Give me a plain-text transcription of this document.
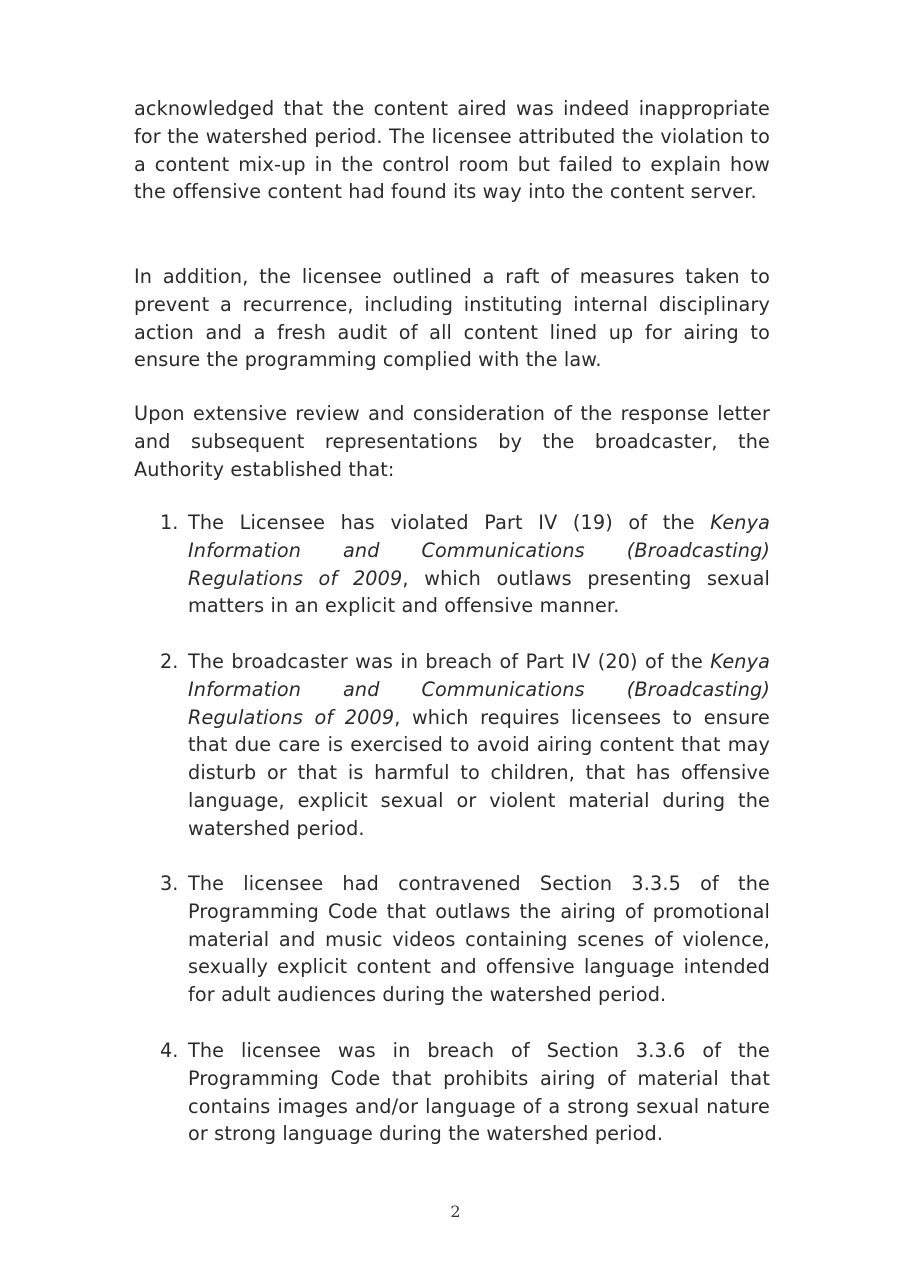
acknowledged that the content aired was indeed inappropriate for the watershed period. The licensee attributed the violation to a content mix-up in the control room but failed to explain how the offensive content had found its way into the content server.

In addition, the licensee outlined a raft of measures taken to prevent a recurrence, including instituting internal disciplinary action and a fresh audit of all content lined up for airing to ensure the programming complied with the law.

Upon extensive review and consideration of the response letter and subsequent representations by the broadcaster, the Authority established that:

1. The Licensee has violated Part IV (19) of the Kenya Information and Communications (Broadcasting) Regulations of 2009, which outlaws presenting sexual matters in an explicit and offensive manner.
2. The broadcaster was in breach of Part IV (20) of the Kenya Information and Communications (Broadcasting) Regulations of 2009, which requires licensees to ensure that due care is exercised to avoid airing content that may disturb or that is harmful to children, that has offensive language, explicit sexual or violent material during the watershed period.
3. The licensee had contravened Section 3.3.5 of the Programming Code that outlaws the airing of promotional material and music videos containing scenes of violence, sexually explicit content and offensive language intended for adult audiences during the watershed period.
4. The licensee was in breach of Section 3.3.6 of the Programming Code that prohibits airing of material that contains images and/or language of a strong sexual nature or strong language during the watershed period.
2
